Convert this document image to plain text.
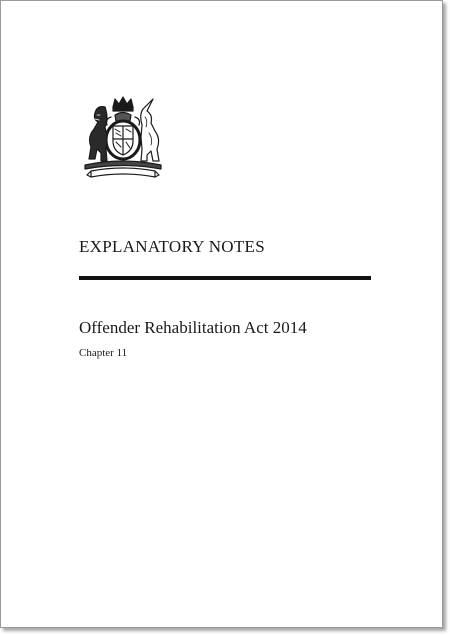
EXPLANATORY NOTES
Offender Rehabilitation Act 2014
Chapter 11
